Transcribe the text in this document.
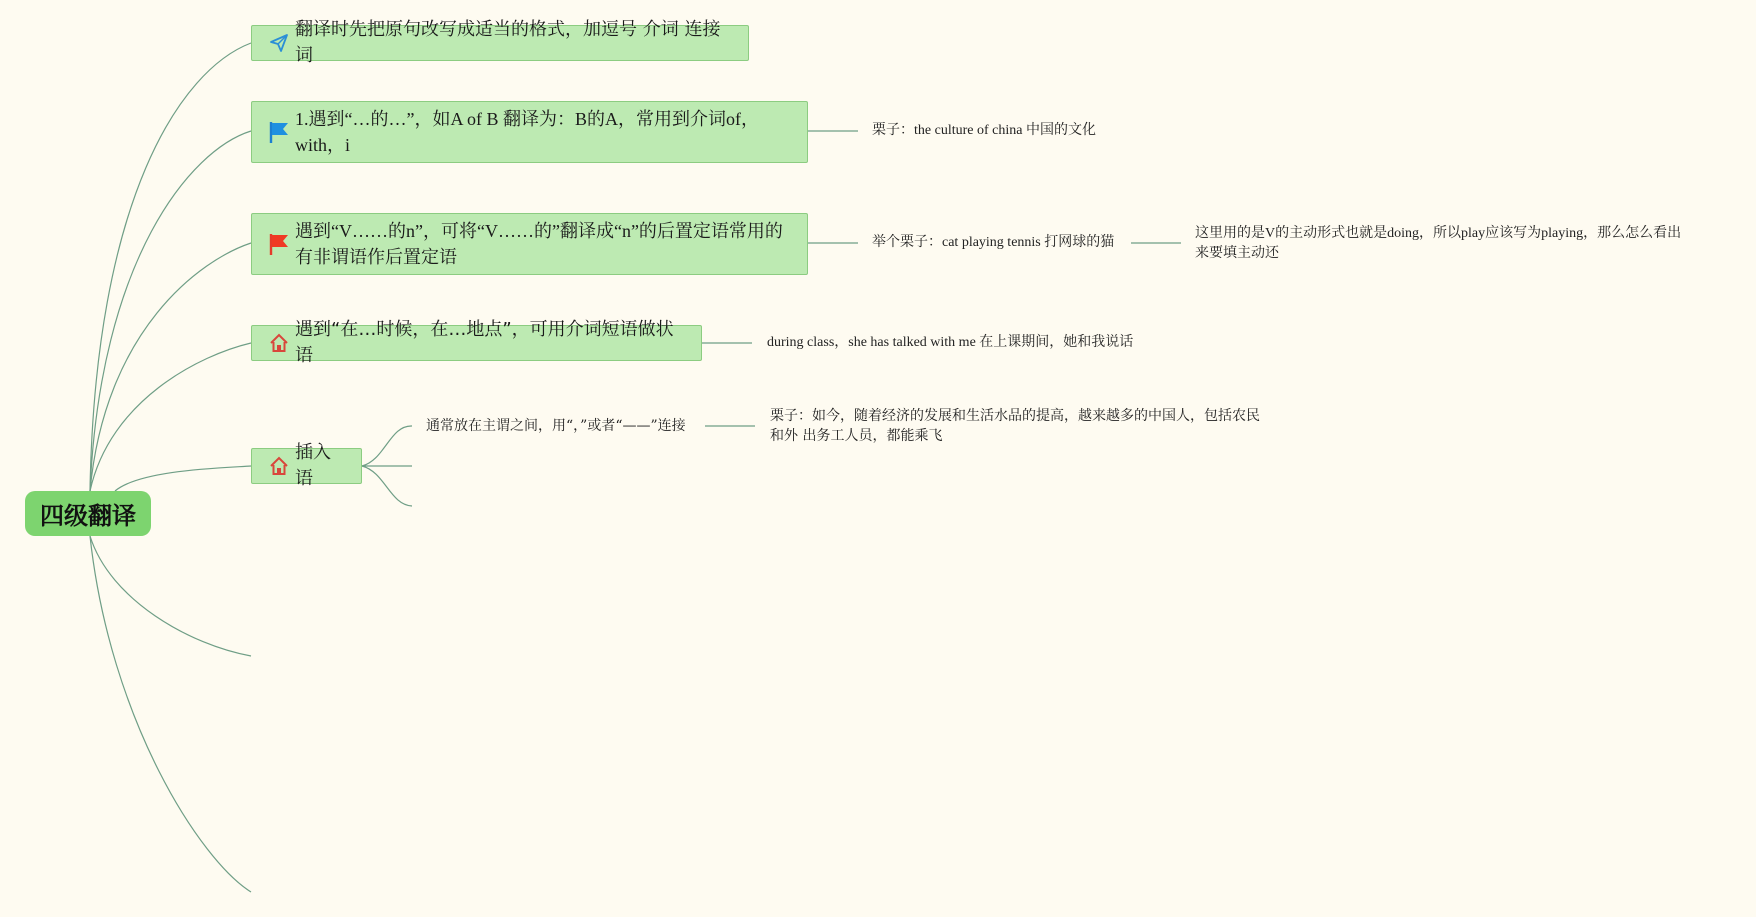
四级翻译
翻译时先把原句改写成适当的格式，加逗号 介词 连接词
1.遇到“…的…”，如A of B 翻译为：B的A，常用到介词of，with，i
栗子：the culture of china 中国的文化
遇到“V……的n”，可将“V……的”翻译成“n”的后置定语常用的有非谓语作后置定语
举个栗子：cat playing tennis 打网球的猫
这里用的是V的主动形式也就是doing，所以play应该写为playing，那么怎么看出来要填主动还
遇到“在…时候，在…地点”，可用介词短语做状语
during class，she has talked with me 在上课期间，她和我说话
插入语
通常放在主谓之间，用“，”或者“——”连接
栗子：如今，随着经济的发展和生活水品的提高，越来越多的中国人，包括农民和外 出务工人员，都能乘飞
